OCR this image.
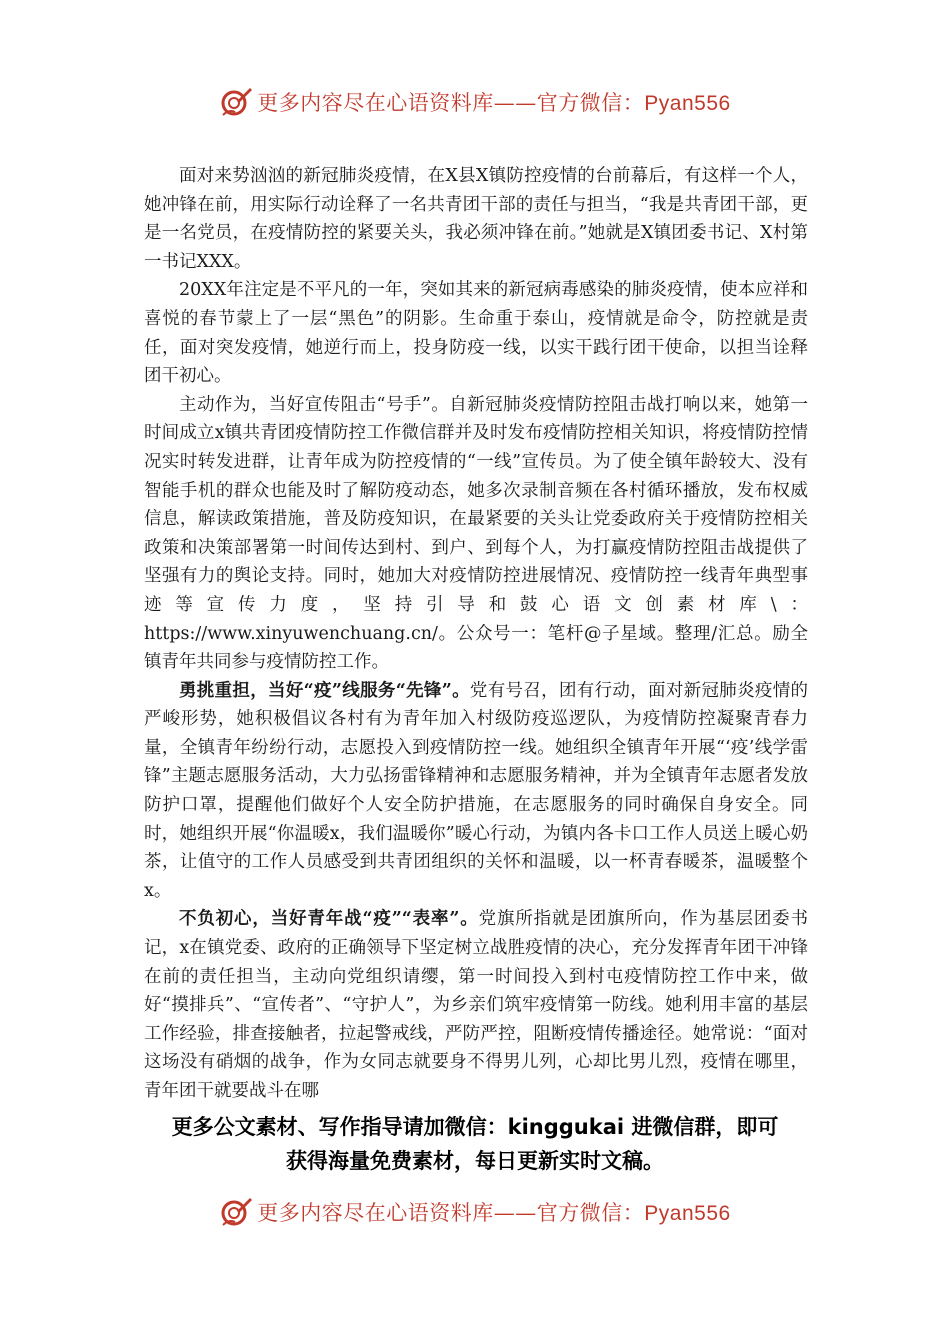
更多内容尽在心语资料库——官方微信：Pyan556

面对来势汹汹的新冠肺炎疫情，在X县X镇防控疫情的台前幕后，有这样一个人，她冲锋在前，用实际行动诠释了一名共青团干部的责任与担当，“我是共青团干部，更是一名党员，在疫情防控的紧要关头，我必须冲锋在前。”她就是X镇团委书记、X村第一书记XXX。

20XX年注定是不平凡的一年，突如其来的新冠病毒感染的肺炎疫情，使本应祥和喜悦的春节蒙上了一层“黑色”的阴影。生命重于泰山，疫情就是命令，防控就是责任，面对突发疫情，她逆行而上，投身防疫一线，以实干践行团干使命，以担当诠释团干初心。

主动作为，当好宣传阻击“号手”。自新冠肺炎疫情防控阻击战打响以来，她第一时间成立x镇共青团疫情防控工作微信群并及时发布疫情防控相关知识，将疫情防控情况实时转发进群，让青年成为防控疫情的“一线”宣传员。为了使全镇年龄较大、没有智能手机的群众也能及时了解防疫动态，她多次录制音频在各村循环播放，发布权威信息，解读政策措施，普及防疫知识，在最紧要的关头让党委政府关于疫情防控相关政策和决策部署第一时间传达到村、到户、到每个人，为打赢疫情防控阻击战提供了坚强有力的舆论支持。同时，她加大对疫情防控进展情况、疫情防控一线青年典型事迹等宣传力度，坚持引导和鼓心语文创素材库\：https://www.xinyuwenchuang.cn/。公众号一：笔杆@子星域。整理/汇总。励全镇青年共同参与疫情防控工作。

勇挑重担，当好“疫”线服务“先锋”。党有号召，团有行动，面对新冠肺炎疫情的严峻形势，她积极倡议各村有为青年加入村级防疫巡逻队，为疫情防控凝聚青春力量，全镇青年纷纷行动，志愿投入到疫情防控一线。她组织全镇青年开展“‘疫’线学雷锋”主题志愿服务活动，大力弘扬雷锋精神和志愿服务精神，并为全镇青年志愿者发放防护口罩，提醒他们做好个人安全防护措施，在志愿服务的同时确保自身安全。同时，她组织开展“你温暖x，我们温暖你”暖心行动，为镇内各卡口工作人员送上暖心奶茶，让值守的工作人员感受到共青团组织的关怀和温暖，以一杯青春暖茶，温暖整个x。

不负初心，当好青年战“疫”“表率”。党旗所指就是团旗所向，作为基层团委书记，x在镇党委、政府的正确领导下坚定树立战胜疫情的决心，充分发挥青年团干冲锋在前的责任担当，主动向党组织请缨，第一时间投入到村屯疫情防控工作中来，做好“摸排兵”、“宣传者”、“守护人”，为乡亲们筑牢疫情第一防线。她利用丰富的基层工作经验，排查接触者，拉起警戒线，严防严控，阻断疫情传播途径。她常说：“面对这场没有硝烟的战争，作为女同志就要身不得男儿列，心却比男儿烈，疫情在哪里，青年团干就要战斗在哪

更多公文素材、写作指导请加微信：kinggukai 进微信群，即可
获得海量免费素材，每日更新实时文稿。
更多内容尽在心语资料库——官方微信：Pyan556
